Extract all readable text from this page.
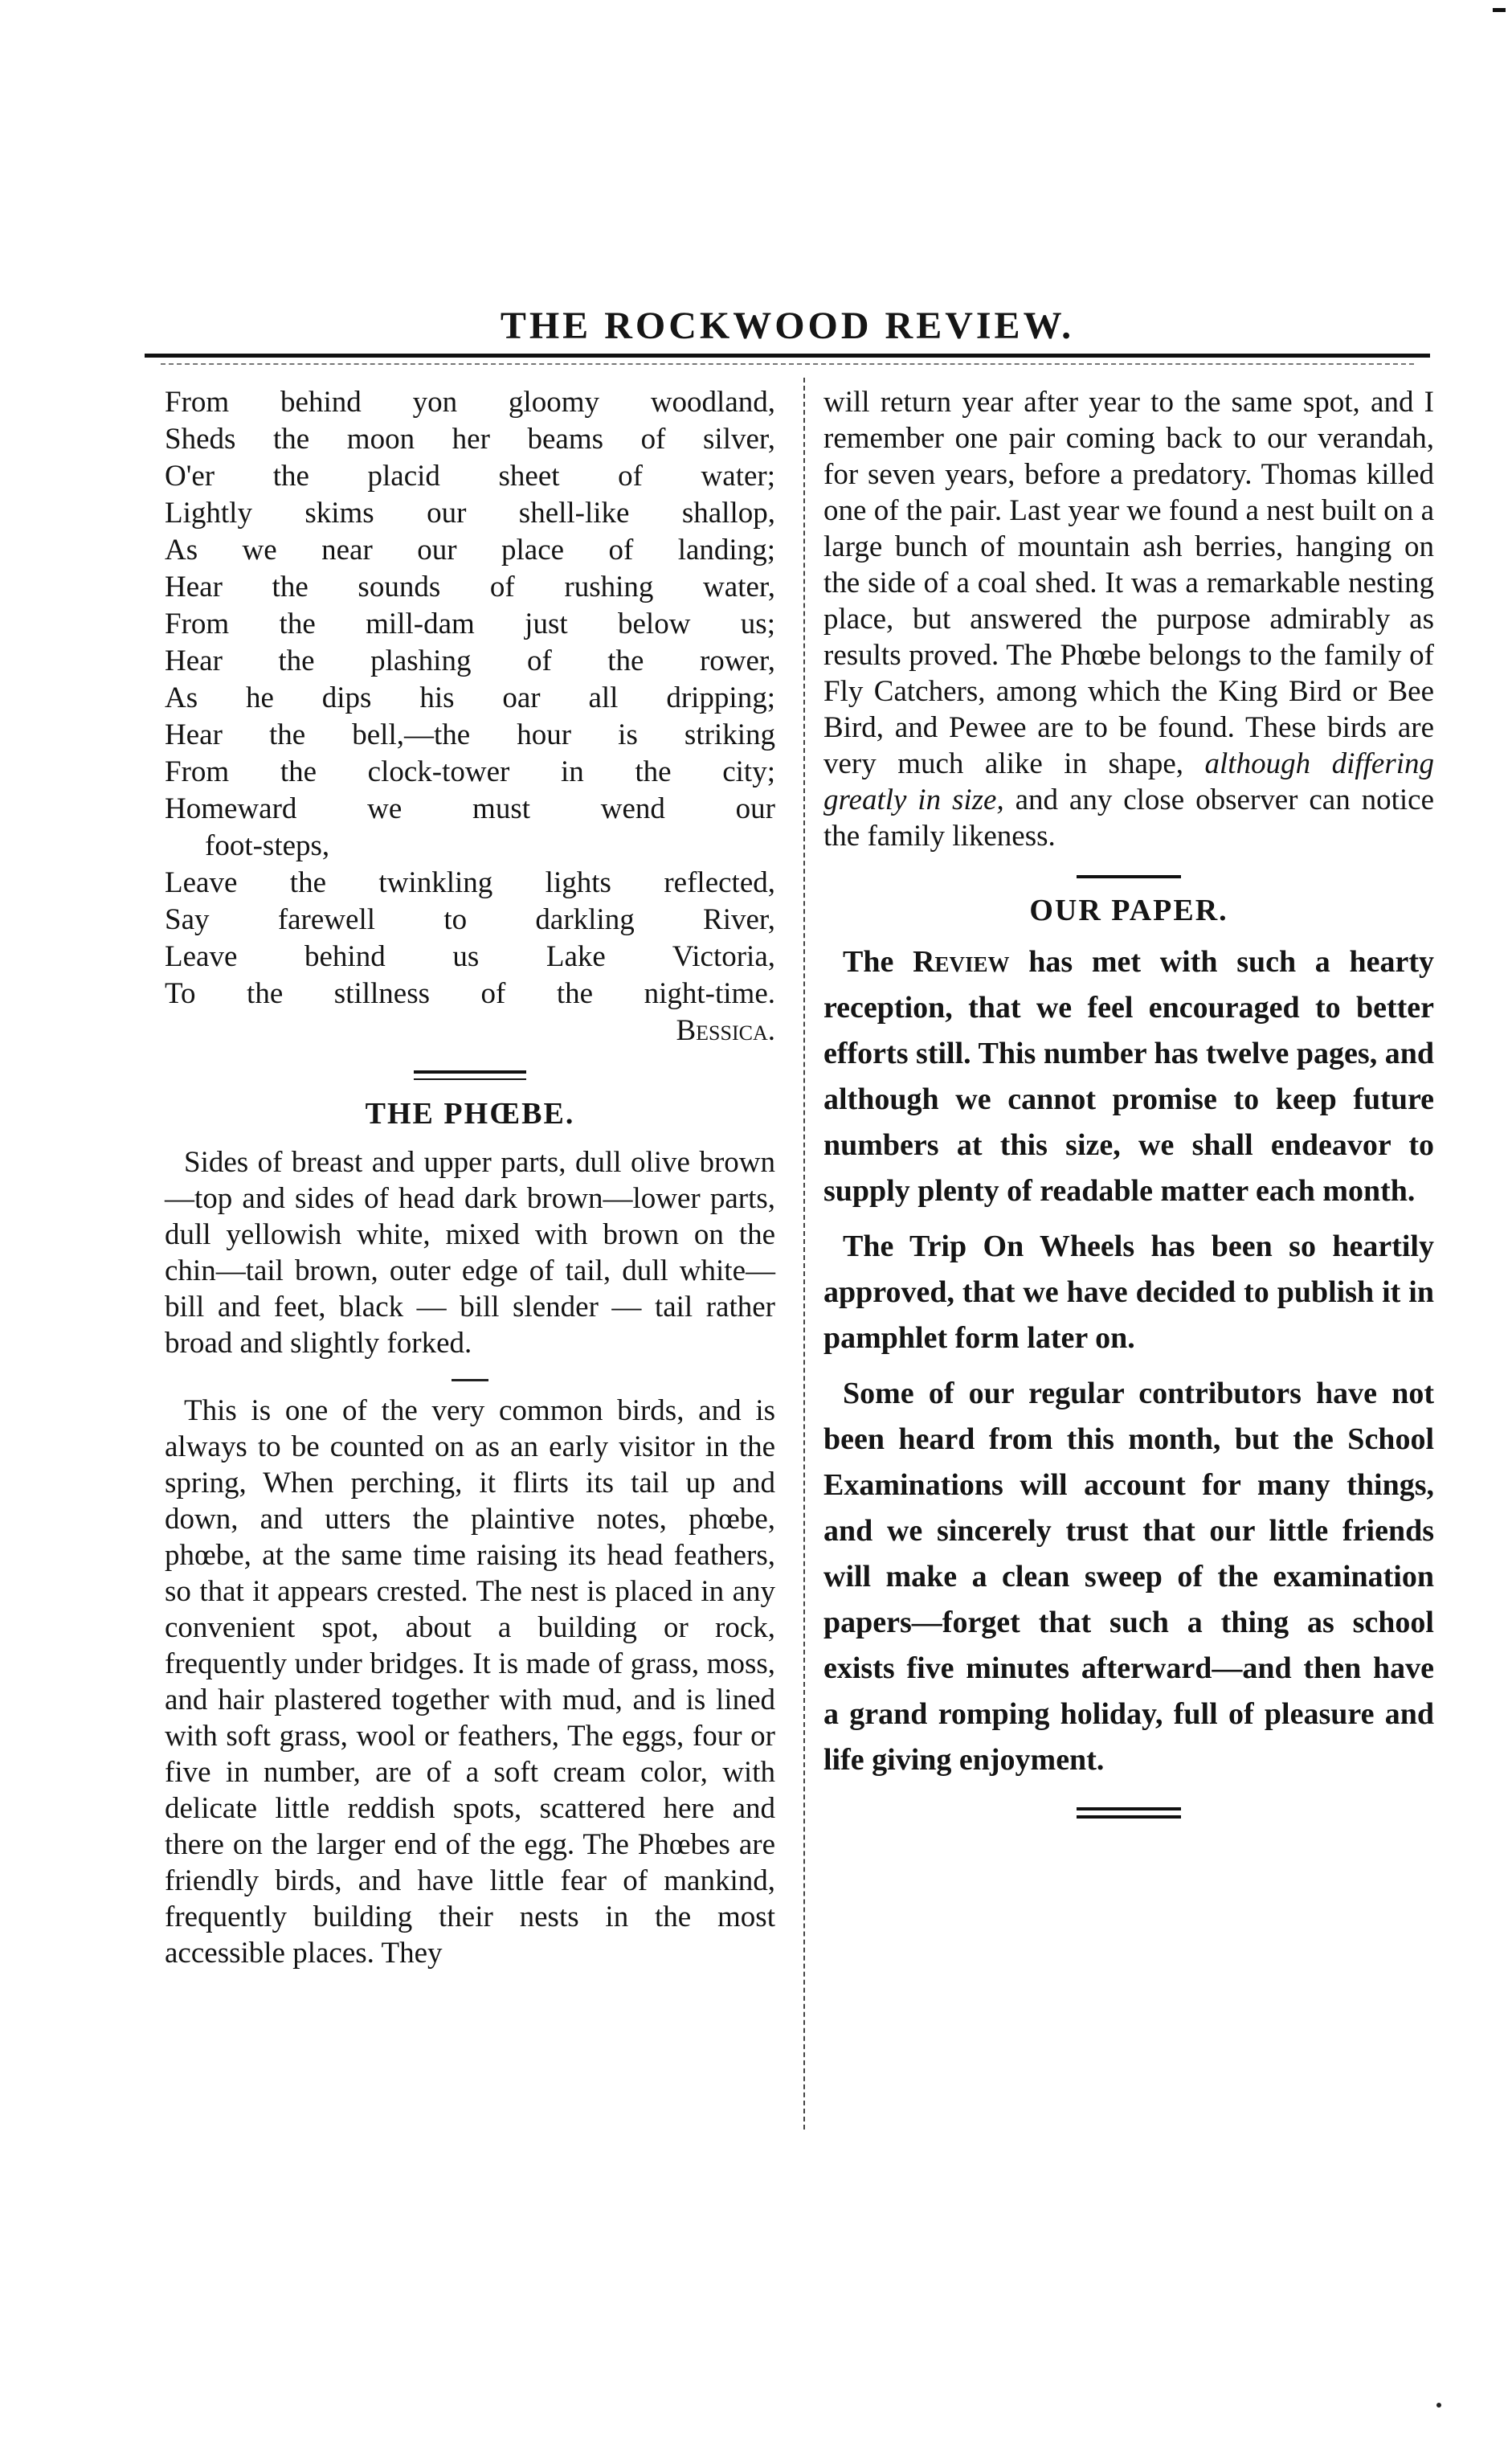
THE ROCKWOOD REVIEW.
From behind yon gloomy woodland,
Sheds the moon her beams of silver,
O'er the placid sheet of water;
Lightly skims our shell-like shallop,
As we near our place of landing;
Hear the sounds of rushing water,
From the mill-dam just below us;
Hear the plashing of the rower,
As he dips his oar all dripping;
Hear the bell,—the hour is striking
From the clock-tower in the city;
Homeward we must wend our
foot-steps,
Leave the twinkling lights reflected,
Say farewell to darkling River,
Leave behind us Lake Victoria,
To the stillness of the night-time.
Bessica.
THE PHŒBE.

Sides of breast and upper parts, dull olive brown—top and sides of head dark brown—lower parts, dull yellowish white, mixed with brown on the chin—tail brown, outer edge of tail, dull white—bill and feet, black — bill slender — tail rather broad and slightly forked.

This is one of the very common birds, and is always to be counted on as an early visitor in the spring, When perching, it flirts its tail up and down, and utters the plaintive notes, phœbe, phœbe, at the same time raising its head feathers, so that it appears crested. The nest is placed in any convenient spot, about a building or rock, frequently under bridges. It is made of grass, moss, and hair plastered together with mud, and is lined with soft grass, wool or feathers, The eggs, four or five in number, are of a soft cream color, with delicate little reddish spots, scattered here and there on the larger end of the egg. The Phœbes are friendly birds, and have little fear of mankind, frequently building their nests in the most accessible places. They

will return year after year to the same spot, and I remember one pair coming back to our verandah, for seven years, before a predatory. Thomas killed one of the pair. Last year we found a nest built on a large bunch of mountain ash berries, hanging on the side of a coal shed. It was a remarkable nesting place, but answered the purpose admirably as results proved. The Phœbe belongs to the family of Fly Catchers, among which the King Bird or Bee Bird, and Pewee are to be found. These birds are very much alike in shape, although differing greatly in size, and any close observer can notice the family likeness.

OUR PAPER.

The Review has met with such a hearty reception, that we feel encouraged to better efforts still. This number has twelve pages, and although we cannot promise to keep future numbers at this size, we shall endeavor to supply plenty of readable matter each month.

The Trip On Wheels has been so heartily approved, that we have decided to publish it in pamphlet form later on.

Some of our regular contributors have not been heard from this month, but the School Examinations will account for many things, and we sincerely trust that our little friends will make a clean sweep of the examination papers—forget that such a thing as school exists five minutes afterward—and then have a grand romping holiday, full of pleasure and life giving enjoyment.
